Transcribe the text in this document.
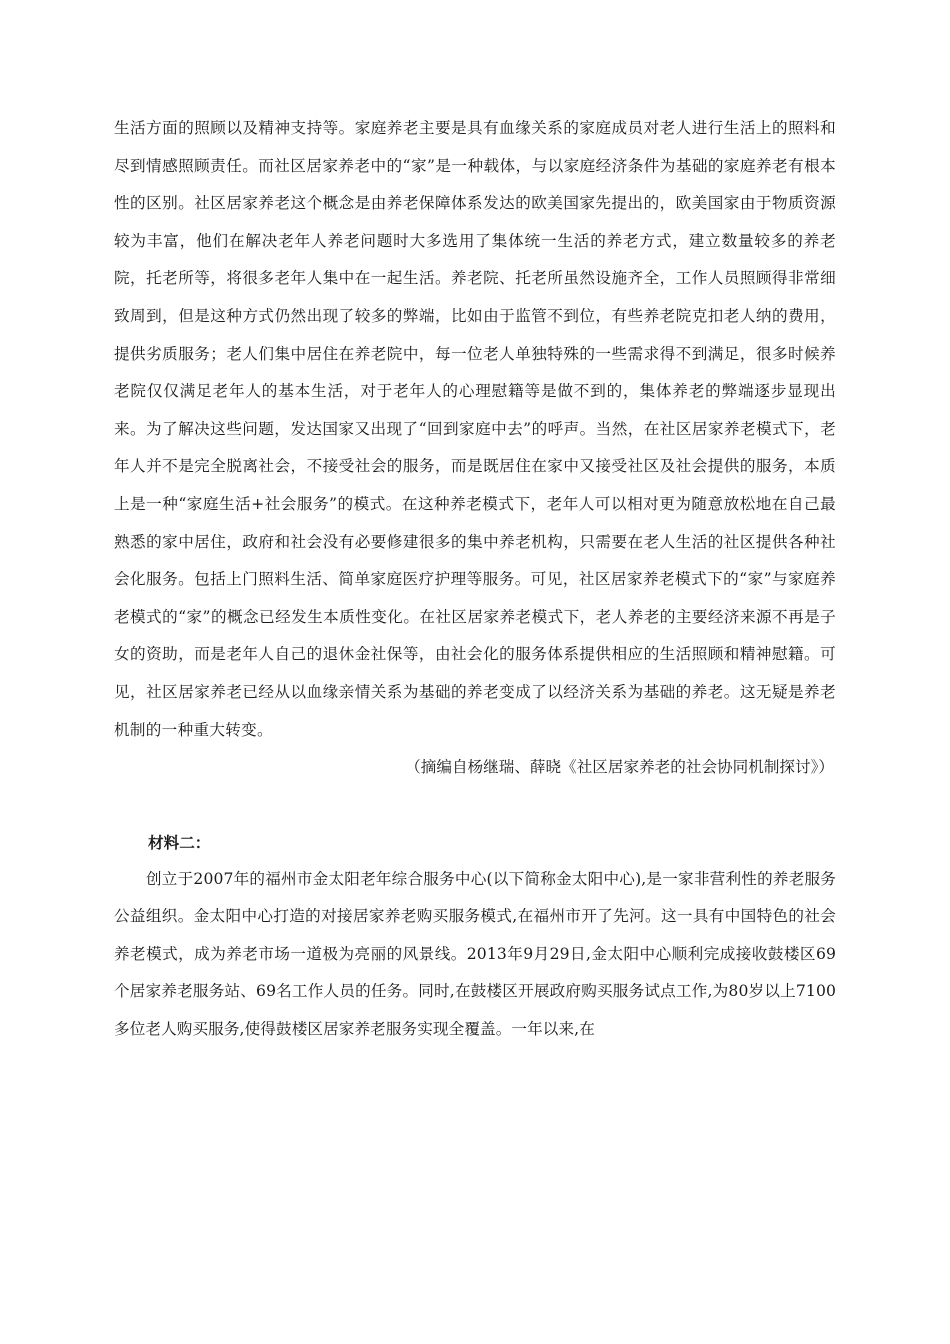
生活方面的照顾以及精神支持等。家庭养老主要是具有血缘关系的家庭成员对老人进行生活上的照料和尽到情感照顾责任。而社区居家养老中的“家”是一种载体，与以家庭经济条件为基础的家庭养老有根本性的区别。社区居家养老这个概念是由养老保障体系发达的欧美国家先提出的，欧美国家由于物质资源较为丰富，他们在解决老年人养老问题时大多选用了集体统一生活的养老方式，建立数量较多的养老院，托老所等，将很多老年人集中在一起生活。养老院、托老所虽然设施齐全，工作人员照顾得非常细致周到，但是这种方式仍然出现了较多的弊端，比如由于监管不到位，有些养老院克扣老人纳的费用，提供劣质服务；老人们集中居住在养老院中，每一位老人单独特殊的一些需求得不到满足，很多时候养老院仅仅满足老年人的基本生活，对于老年人的心理慰籍等是做不到的，集体养老的弊端逐步显现出来。为了解决这些问题，发达国家又出现了“回到家庭中去”的呼声。当然，在社区居家养老模式下，老年人并不是完全脱离社会，不接受社会的服务，而是既居住在家中又接受社区及社会提供的服务，本质上是一种“家庭生活+社会服务”的模式。在这种养老模式下，老年人可以相对更为随意放松地在自己最熟悉的家中居住，政府和社会没有必要修建很多的集中养老机构，只需要在老人生活的社区提供各种社会化服务。包括上门照料生活、简单家庭医疗护理等服务。可见，社区居家养老模式下的“家”与家庭养老模式的“家”的概念已经发生本质性变化。在社区居家养老模式下，老人养老的主要经济来源不再是子女的资助，而是老年人自己的退休金社保等，由社会化的服务体系提供相应的生活照顾和精神慰籍。可见，社区居家养老已经从以血缘亲情关系为基础的养老变成了以经济关系为基础的养老。这无疑是养老机制的一种重大转变。

（摘编自杨继瑞、薛晓《社区居家养老的社会协同机制探讨》）

材料二：

创立于2007年的福州市金太阳老年综合服务中心(以下简称金太阳中心),是一家非营利性的养老服务公益组织。金太阳中心打造的对接居家养老购买服务模式,在福州市开了先河。这一具有中国特色的社会养老模式，成为养老市场一道极为亮丽的风景线。2013年9月29日,金太阳中心顺利完成接收鼓楼区69个居家养老服务站、69名工作人员的任务。同时,在鼓楼区开展政府购买服务试点工作,为80岁以上7100多位老人购买服务,使得鼓楼区居家养老服务实现全覆盖。一年以来,在
